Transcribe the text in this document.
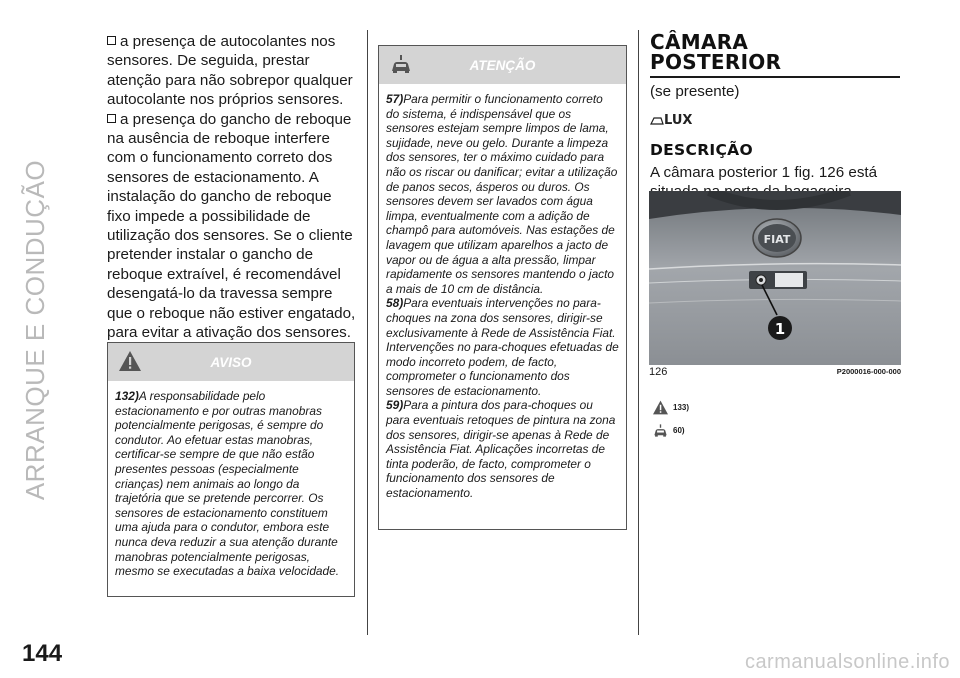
ARRANQUE E CONDUÇÃO
144	carmanualsonline.info

a presença de autocolantes nos sensores. De seguida, prestar atenção para não sobrepor qualquer autocolante nos próprios sensores.

a presença do gancho de reboque na ausência de reboque interfere com o funcionamento correto dos sensores de estacionamento. A instalação do gancho de reboque fixo impede a possibilidade de utilização dos sensores. Se o cliente pretender instalar o gancho de reboque extraível, é recomendável desengatá-lo da travessa sempre que o reboque não estiver engatado, para evitar a ativação dos sensores.

AVISO

132)A responsabilidade pelo estacionamento e por outras manobras potencialmente perigosas, é sempre do condutor. Ao efetuar estas manobras, certificar-se sempre de que não estão presentes pessoas (especialmente crianças) nem animais ao longo da trajetória que se pretende percorrer. Os sensores de estacionamento constituem uma ajuda para o condutor, embora este nunca deva reduzir a sua atenção durante manobras potencialmente perigosas, mesmo se executadas a baixa velocidade.

ATENÇÃO

57)Para permitir o funcionamento correto do sistema, é indispensável que os sensores estejam sempre limpos de lama, sujidade, neve ou gelo. Durante a limpeza dos sensores, ter o máximo cuidado para não os riscar ou danificar; evitar a utilização de panos secos, ásperos ou duros. Os sensores devem ser lavados com água limpa, eventualmente com a adição de champô para automóveis. Nas estações de lavagem que utilizam aparelhos a jacto de vapor ou de água a alta pressão, limpar rapidamente os sensores mantendo o jacto a mais de 10 cm de distância.

58)Para eventuais intervenções no para-choques na zona dos sensores, dirigir-se exclusivamente à Rede de Assistência Fiat. Intervenções no para-choques efetuadas de modo incorreto podem, de facto, comprometer o funcionamento dos sensores de estacionamento.

59)Para a pintura dos para-choques ou para eventuais retoques de pintura na zona dos sensores, dirigir-se apenas à Rede de Assistência Fiat. Aplicações incorretas de tinta poderão, de facto, comprometer o funcionamento dos sensores de estacionamento.

CÂMARA
POSTERIOR
(se presente)
LUX
DESCRIÇÃO

A câmara posterior 1 fig. 126 está

FIAT
1
126	P2000016-000-000
133)
60)
